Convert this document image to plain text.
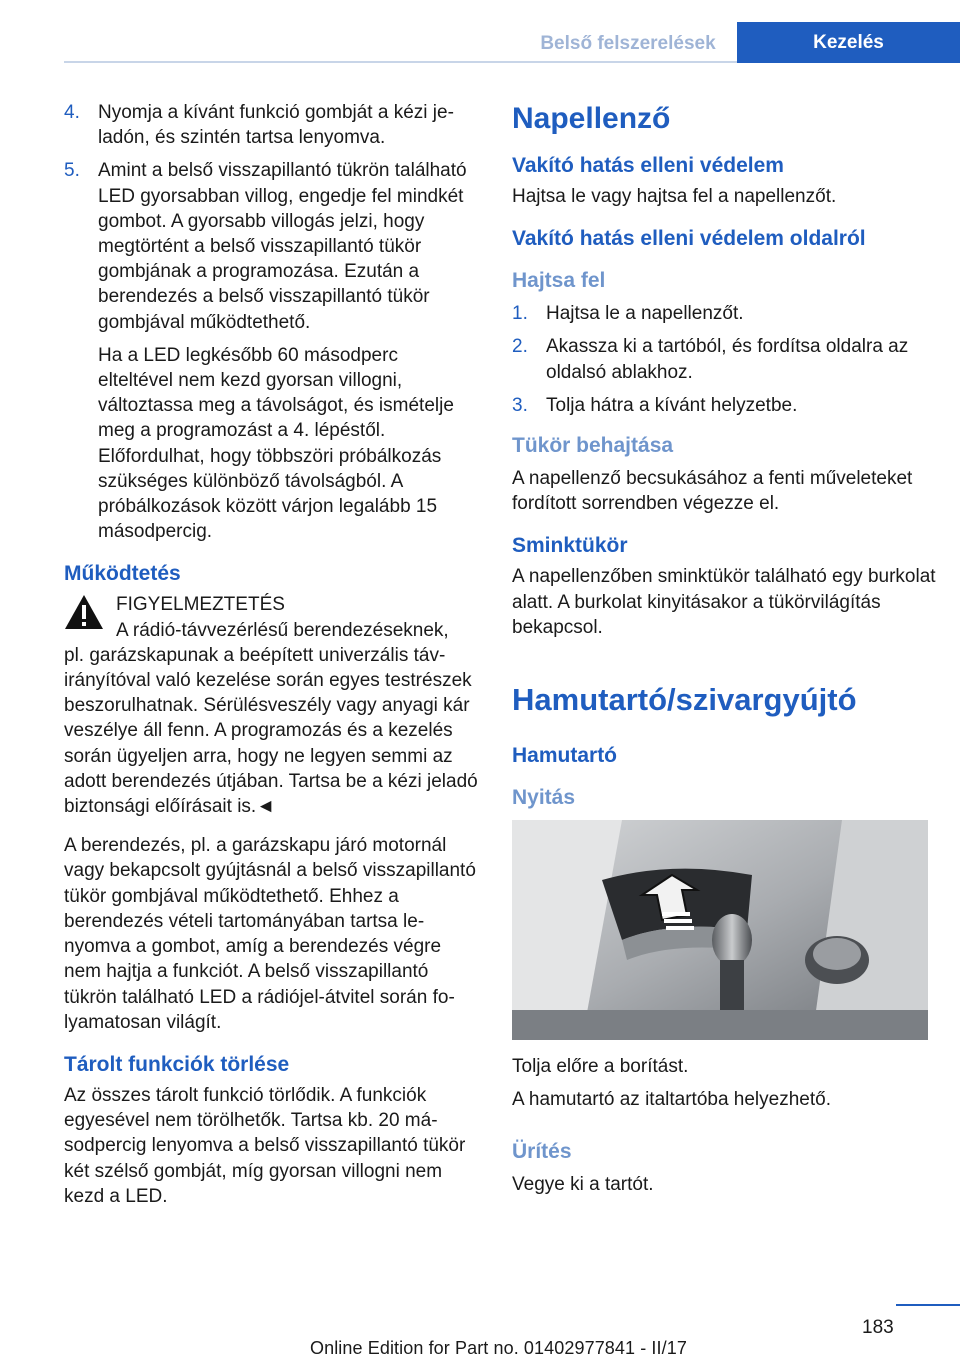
Belső felszerelések	Kezelés
4. Nyomja a kívánt funkció gombját a kézi jeladón, és szintén tartsa lenyomva.
5. Amint a belső visszapillantó tükrön található LED gyorsabban villog, engedje fel mindkét gombot. A gyorsabb villogás jelzi, hogy megtörtént a belső visszapillantó tükör gombjának a programozása. Ezután a berendezés a belső visszapillantó tükör gombjával működtethető.

Ha a LED legkésőbb 60 másodperc elteltével nem kezd gyorsan villogni, változtassa meg a távolságot, és ismételje meg a programozást a 4. lépéstől. Előfordulhat, hogy többszöri próbálkozás szükséges különböző távolságból. A próbálkozások között várjon legalább 15 másodpercig.

Működtetés
FIGYELMEZTETÉS
A rádió-távvezérlésű berendezéseknek,
pl. garázskapunak a beépített univerzális távirányítóval való kezelése során egyes testrészek beszorulhatnak. Sérülésveszély vagy anyagi kár veszélye áll fenn. A programozás és a kezelés során ügyeljen arra, hogy ne legyen semmi az adott berendezés útjában. Tartsa be a kézi jeladó biztonsági előírásait is.◄

A berendezés, pl. a garázskapu járó motornál vagy bekapcsolt gyújtásnál a belső visszapillantó tükör gombjával működtethető. Ehhez a berendezés vételi tartományában tartsa lenyomva a gombot, amíg a berendezés végre nem hajtja a funkciót. A belső visszapillantó tükrön található LED a rádiójel-átvitel során folyamatosan világít.

Tárolt funkciók törlése

Az összes tárolt funkció törlődik. A funkciók egyesével nem törölhetők. Tartsa kb. 20 másodpercig lenyomva a belső visszapillantó tükör két szélső gombját, míg gyorsan villogni nem kezd a LED.

Napellenző
Vakító hatás elleni védelem

Hajtsa le vagy hajtsa fel a napellenzőt.

Vakító hatás elleni védelem oldalról
Hajtsa fel
1. Hajtsa le a napellenzőt.
2. Akassza ki a tartóból, és fordítsa oldalra az oldalsó ablakhoz.
3. Tolja hátra a kívánt helyzetbe.
Tükör behajtása

A napellenző becsukásához a fenti műveleteket fordított sorrendben végezze el.

Sminktükör

A napellenzőben sminktükör található egy burkolat alatt. A burkolat kinyitásakor a tükörvilágítás bekapcsol.

Hamutartó/szivargyújtó
Hamutartó
Nyitás

Tolja előre a borítást.

A hamutartó az italtartóba helyezhető.

Ürítés

Vegye ki a tartót.

183
Online Edition for Part no. 01402977841 - II/17
